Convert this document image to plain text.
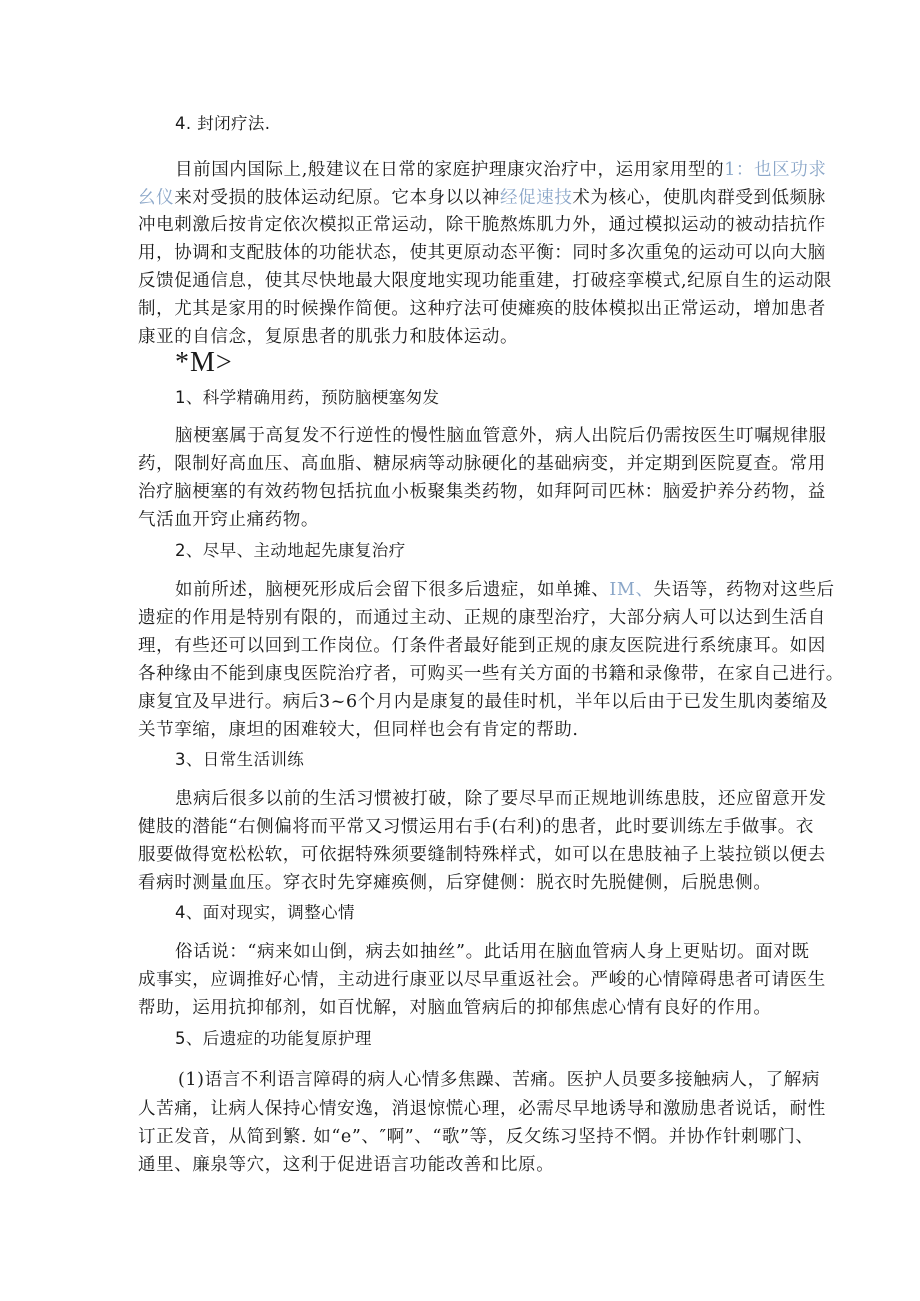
4. 封闭疗法.
目前国内国际上,般建议在日常的家庭护理康灾治疗中，运用家用型的1：也区功求
幺仪来对受损的肢体运动纪原。它本身以以神经促速技术为核心，使肌肉群受到低频脉
冲电刺激后按肯定依次模拟正常运动，除干脆熬炼肌力外，通过模拟运动的被动拮抗作
用，协调和支配肢体的功能状态，使其更原动态平衡：同时多次重兔的运动可以向大脑
反馈促通信息，使其尽快地最大限度地实现功能重建，打破痉挛模式,纪原自生的运动限
制，尤其是家用的时候操作简便。这种疗法可使瘫痪的肢体模拟出正常运动，增加患者
康亚的自信念，复原患者的肌张力和肢体运动。
*M>
1、科学精确用药，预防脑梗塞匆发
脑梗塞属于高复发不行逆性的慢性脑血管意外，病人出院后仍需按医生叮嘱规律服
药，限制好高血压、高血脂、糖尿病等动脉硬化的基础病变，并定期到医院夏查。常用
治疗脑梗塞的有效药物包括抗血小板聚集类药物，如拜阿司匹林：脑爱护养分药物，益
气活血开窍止痛药物。
2、尽早、主动地起先康复治疗
如前所述，脑梗死形成后会留下很多后遗症，如单摊、IM、失语等，药物对这些后
遗症的作用是特别有限的，而通过主动、正规的康型治疗，大部分病人可以达到生活自
理，有些还可以回到工作岗位。仃条件者最好能到正规的康友医院进行系统康耳。如因
各种缘由不能到康曳医院治疗者，可购买一些有关方面的书籍和录像带，在家自己进行。
康复宜及早进行。病后3~6个月内是康复的最佳时机，半年以后由于已发生肌肉萎缩及
关节挛缩，康坦的困难较大，但同样也会有肯定的帮助.
3、日常生活训练
患病后很多以前的生活习惯被打破，除了要尽早而正规地训练患肢，还应留意开发
健肢的潜能“右侧偏将而平常又习惯运用右手(右利)的患者，此时要训练左手做事。衣
服要做得宽松松软，可依据特殊须要缝制特殊样式，如可以在患肢袖子上装拉锁以便去
看病时测量血压。穿衣时先穿瘫痪侧，后穿健侧：脱衣时先脱健侧，后脱患侧。
4、面对现实，调整心情
俗话说：“病来如山倒，病去如抽丝”。此话用在脑血管病人身上更贴切。面对既
成事实，应调推好心情，主动进行康亚以尽早重返社会。严峻的心情障碍患者可请医生
帮助，运用抗抑郁剂，如百忧解，对脑血管病后的抑郁焦虑心情有良好的作用。
5、后遗症的功能复原护理
(1)语言不利语言障碍的病人心情多焦躁、苦痛。医护人员要多接触病人，了解病
人苦痛，让病人保持心情安逸，消退惊慌心理，必需尽早地诱导和激励患者说话，耐性
订正发音，从简到繁. 如“e”、″啊”、“歌”等，反攵练习坚持不惘。并协作针刺哪门、
通里、廉泉等穴，这利于促进语言功能改善和比原。
